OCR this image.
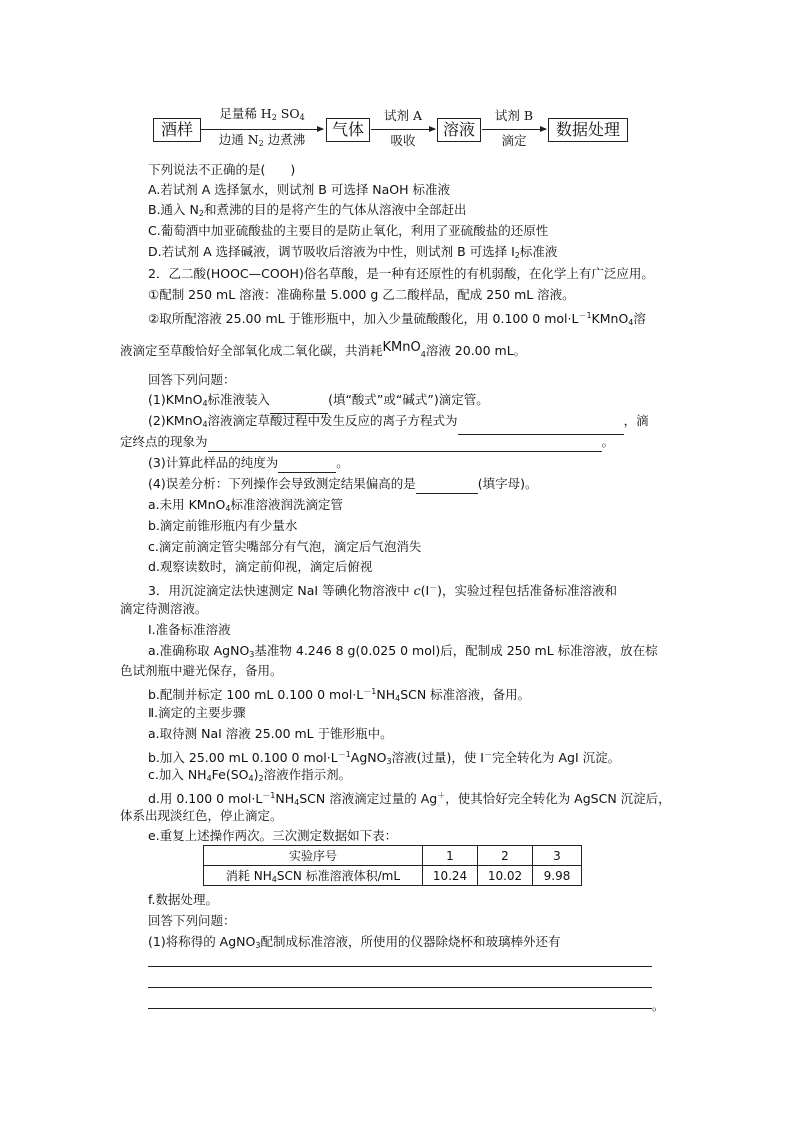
酒样
足量稀 $H_2$ $SO_4$
边通 $N_2$ 边煮沸
气体
试剂 A
吸收
溶液
试剂 B
滴定
数据处理
下列说法不正确的是(　　)
A.若试剂 A 选择氯水，则试剂 B 可选择 NaOH 标准液
B.通入 $N_2$和煮沸的目的是将产生的气体从溶液中全部赶出
C.葡萄酒中加亚硫酸盐的主要目的是防止氧化，利用了亚硫酸盐的还原性
D.若试剂 A 选择碱液，调节吸收后溶液为中性，则试剂 B 可选择 $I_2$标准液
2．乙二酸(HOOC—COOH)俗名草酸，是一种有还原性的有机弱酸，在化学上有广泛应用。
①配制 250 mL 溶液：准确称量 5.000 g 乙二酸样品，配成 250 mL 溶液。
②取所配溶液 25.00 mL 于锥形瓶中，加入少量硫酸酸化，用 0.100 0 $mol\cdot L^{-1}KMnO_4$溶
液滴定至草酸恰好全部氧化成二氧化碳，共消耗KMnO$_4$溶液 20.00 mL。
回答下列问题：
(1)KMnO$_4$标准液装入	(填“酸式”或“碱式”)滴定管。
(2)KMnO$_4$溶液滴定草酸过程中发生反应的离子方程式为	，滴
定终点的现象为	。
(3)计算此样品的纯度为	。
(4)误差分析：下列操作会导致测定结果偏高的是	(填字母)。
a.未用 KMnO$_4$标准溶液润洗滴定管
b.滴定前锥形瓶内有少量水
c.滴定前滴定管尖嘴部分有气泡，滴定后气泡消失
d.观察读数时，滴定前仰视，滴定后俯视
3．用沉淀滴定法快速测定 NaI 等碘化物溶液中 c(I－)，实验过程包括准备标准溶液和
滴定待测溶液。
Ⅰ.准备标准溶液
a.准确称取 AgNO$_3$基准物 4.246 8 g(0.025 0 mol)后，配制成 250 mL 标准溶液，放在棕
色试剂瓶中避光保存，备用。
b.配制并标定 100 mL 0.100 0 $mol\cdot L^{-1}NH_4SCN$ 标准溶液，备用。
Ⅱ.滴定的主要步骤
a.取待测 NaI 溶液 25.00 mL 于锥形瓶中。
b.加入 25.00 mL 0.100 0 $mol\cdot L^{-1}AgNO_3$溶液(过量)，使 I－完全转化为 AgI 沉淀。
c.加入 $NH_4Fe(SO_4)_2$溶液作指示剂。
d.用 0.100 0 $mol\cdot L^{-1}NH_4SCN$ 溶液滴定过量的 Ag＋，使其恰好完全转化为 AgSCN 沉淀后，
体系出现淡红色，停止滴定。
e.重复上述操作两次。三次测定数据如下表：
实验序号	1	2	3
消耗 $NH_4SCN$ 标准溶液体积/mL	10.24	10.02	9.98
f.数据处理。
回答下列问题：
(1)将称得的 AgNO$_3$配制成标准溶液，所使用的仪器除烧杯和玻璃棒外还有
。
